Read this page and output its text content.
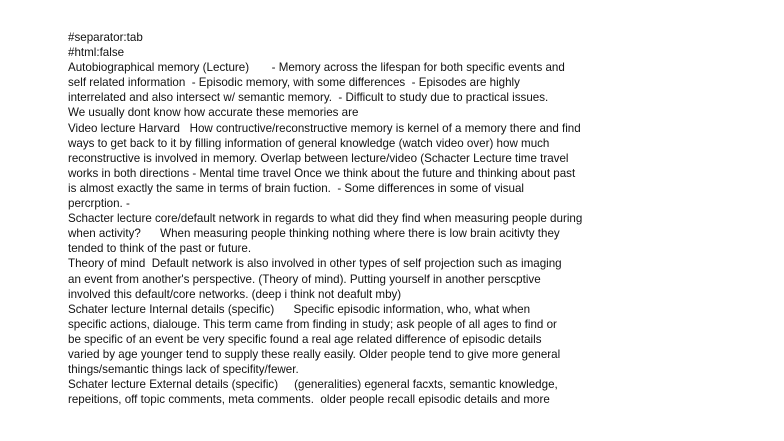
#separator:tab
#html:false
Autobiographical memory (Lecture)       - Memory across the lifespan for both specific events and
self related information  - Episodic memory, with some differences  - Episodes are highly
interrelated and also intersect w/ semantic memory.  - Difficult to study due to practical issues.
We usually dont know how accurate these memories are
Video lecture Harvard   How contructive/reconstructive memory is kernel of a memory there and find
ways to get back to it by filling information of general knowledge (watch video over) how much
reconstructive is involved in memory. Overlap between lecture/video (Schacter Lecture time travel
works in both directions - Mental time travel Once we think about the future and thinking about past
is almost exactly the same in terms of brain fuction.  - Some differences in some of visual
percrption. -
Schacter lecture core/default network in regards to what did they find when measuring people during
when activity?      When measuring people thinking nothing where there is low brain acitivty they
tended to think of the past or future.
Theory of mind  Default network is also involved in other types of self projection such as imaging
an event from another's perspective. (Theory of mind). Putting yourself in another perscptive
involved this default/core networks. (deep i think not deafult mby)
Schater lecture Internal details (specific)      Specific episodic information, who, what when
specific actions, dialouge. This term came from finding in study; ask people of all ages to find or
be specific of an event be very specific found a real age related difference of episodic details
varied by age younger tend to supply these really easily. Older people tend to give more general
things/semantic things lack of specifity/fewer.
Schater lecture External details (specific)     (generalities) egeneral facxts, semantic knowledge,
repeitions, off topic comments, meta comments.  older people recall episodic details and more
